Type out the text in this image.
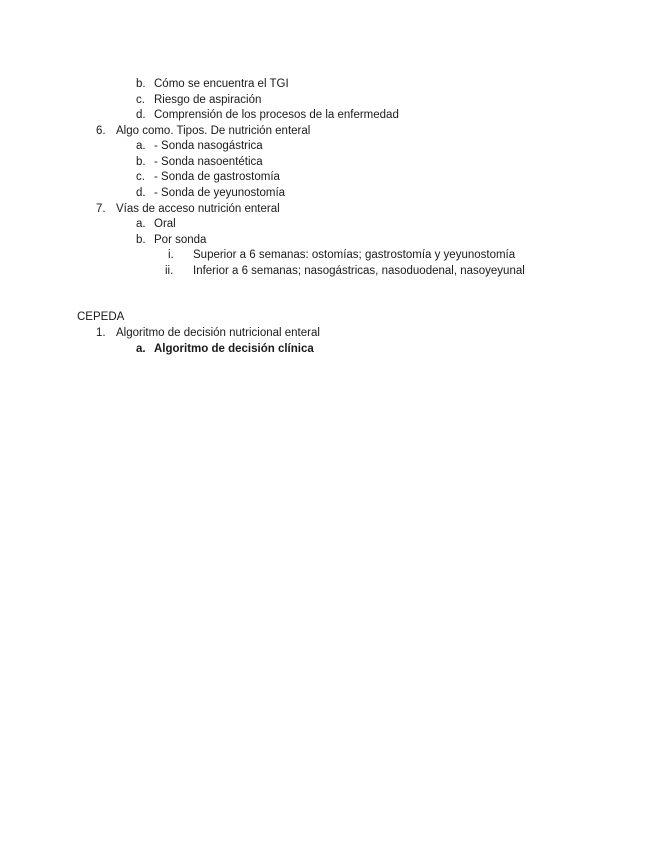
b. Cómo se encuentra el TGI
c. Riesgo de aspiración
d. Comprensión de los procesos de la enfermedad
6. Algo como. Tipos. De nutrición enteral
a. - Sonda nasogástrica
b. - Sonda nasoentética
c. - Sonda de gastrostomía
d. - Sonda de yeyunostomía
7. Vías de acceso nutrición enteral
a. Oral
b. Por sonda
i. Superior a 6 semanas: ostomías; gastrostomía y yeyunostomía
ii. Inferior a 6 semanas; nasogástricas, nasoduodenal, nasoyeyunal
CEPEDA
1. Algoritmo de decisión nutricional enteral
a. Algoritmo de decisión clínica
